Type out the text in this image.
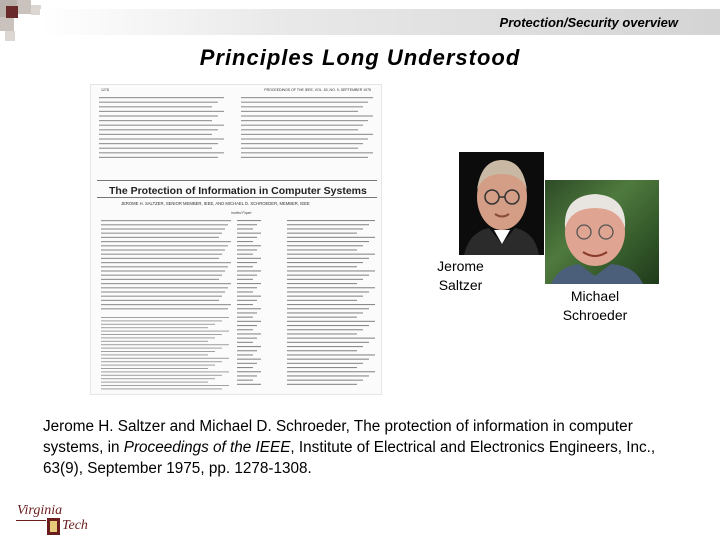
Protection/Security overview
Principles Long Understood
1278	PROCEEDINGS OF THE IEEE, VOL. 63, NO. 9, SEPTEMBER 1975
The Protection of Information in Computer Systems
JEROME H. SALTZER, SENIOR MEMBER, IEEE, AND MICHAEL D. SCHROEDER, MEMBER, IEEE
Invited Paper
Jerome Saltzer
Michael Schroeder
Jerome H. Saltzer and Michael D. Schroeder, The protection of information in computer systems, in Proceedings of the IEEE, Institute of Electrical and Electronics Engineers, Inc., 63(9), September 1975, pp. 1278-1308.
Virginia
Tech
